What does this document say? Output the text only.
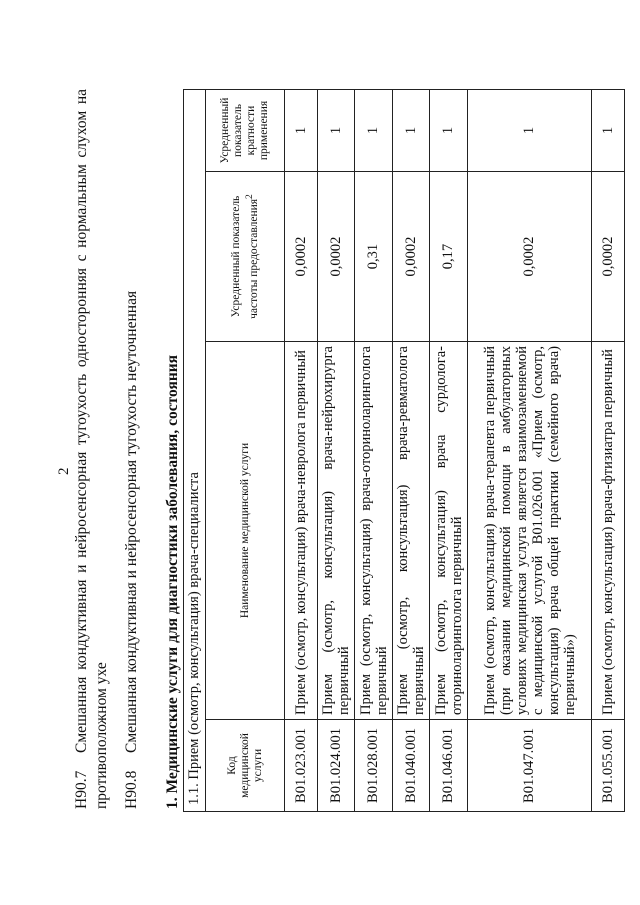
2
H90.7
Смешанная кондуктивная и нейросенсорная тугоухость односторонняя с нормальным слухом на противоположном ухе H90.8
Смешанная кондуктивная и нейросенсорная тугоухость неуточненная 1. Медицинские услуги для диагностики заболевания, состояния 1.1. Прием (осмотр, консультация) врача-специалиста			
Код медицинской услуги	Наименование медицинской услуги	Усредненный показатель частоты предоставления$^2$	Усредненный показатель кратности применения
B01.023.001	Прием (осмотр, консультация) врача-невролога первичный	0,0002	1
B01.024.001	Прием (осмотр, консультация) врача-нейрохирурга первичный	0,0002	1
B01.028.001	Прием (осмотр, консультация) врача-оториноларинголога первичный	0,31	1
B01.040.001	Прием (осмотр, консультация) врача-ревматолога первичный	0,0002	1
B01.046.001	Прием (осмотр, консультация) врача сурдолога-оториноларинголога первичный	0,17	1
B01.047.001	Прием (осмотр, консультация) врача-терапевта первичный (при оказании медицинской помощи в амбулаторных условиях медицинская услуга является взаимозаменяемой с медицинской услугой B01.026.001 «Прием (осмотр, консультация) врача общей практики (семейного врача) первичный»)	0,0002	1
B01.055.001	Прием (осмотр, консультация) врача-фтизиатра первичный	0,0002	1
